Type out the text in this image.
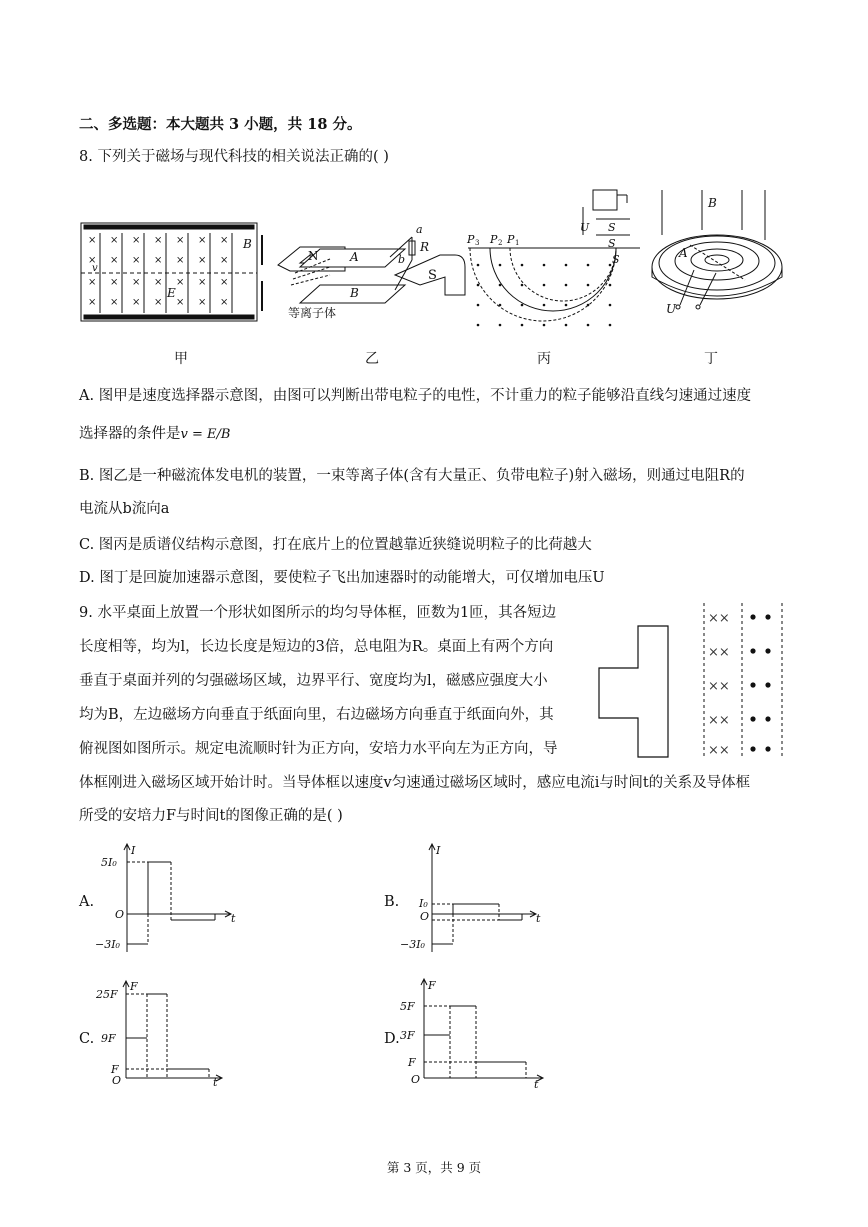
二、多选题：本大题共 3 小题，共 18 分。
8. 下列关于磁场与现代科技的相关说法正确的( )
× × × × × × ×
× × × × × × ×
× × × × × × ×
× × × × × × ×
B
E
v
N	A
B
a
R
b
S
等离子体
P P P
U S
S
S
3	2 1
B
A
U
甲	乙	丙	丁
A. 图甲是速度选择器示意图，由图可以判断出带电粒子的电性，不计重力的粒子能够沿直线匀速通过速度
选择器的条件是v = E/B
B. 图乙是一种磁流体发电机的装置，一束等离子体(含有大量正、负带电粒子)射入磁场，则通过电阻R的
电流从b流向a
C. 图丙是质谱仪结构示意图，打在底片上的位置越靠近狭缝说明粒子的比荷越大
D. 图丁是回旋加速器示意图，要使粒子飞出加速器时的动能增大，可仅增加电压U
9. 水平桌面上放置一个形状如图所示的均匀导体框，匝数为1匝，其各短边
长度相等，均为l，长边长度是短边的3倍，总电阻为R。桌面上有两个方向
垂直于桌面并列的匀强磁场区域，边界平行、宽度均为l，磁感应强度大小
均为B，左边磁场方向垂直于纸面向里，右边磁场方向垂直于纸面向外，其
俯视图如图所示。规定电流顺时针为正方向，安培力水平向左为正方向，导
体框刚进入磁场区域开始计时。当导体框以速度v匀速通过磁场区域时，感应电流i与时间t的关系及导体框
所受的安培力F与时间t的图像正确的是( )
××
××
××
××
××
A.	B.
C.	D.
I
t
O
5I₀
−3I₀
I
t
O
I₀
−3I₀
F
t
O
25F
9F
F
F
t
O
5F
3F
F
第 3 页，共 9 页
